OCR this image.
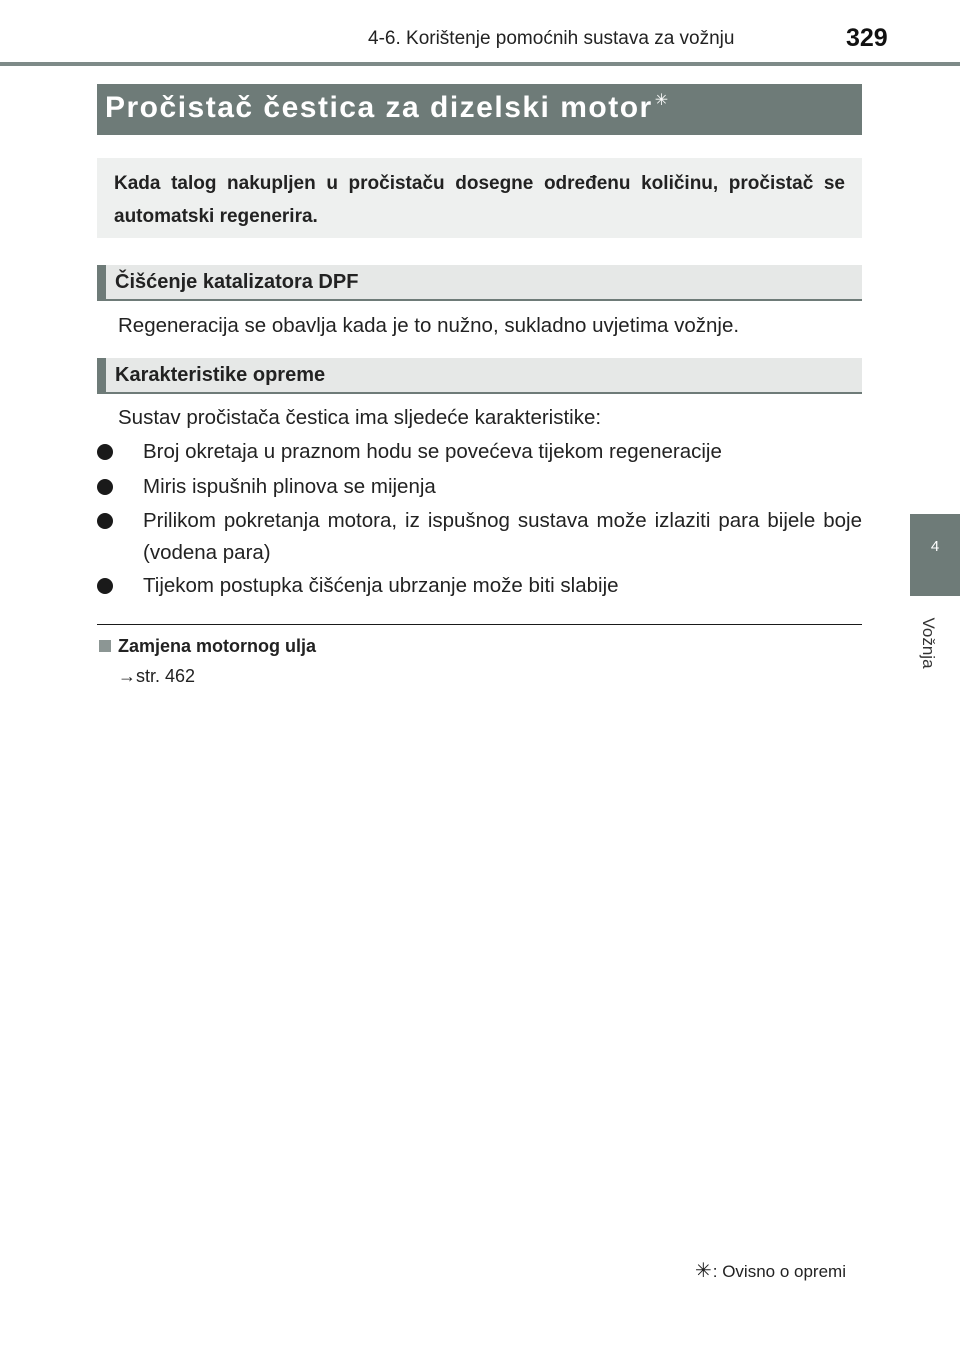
4-6. Korištenje pomoćnih sustava za vožnju	329
4
Vožnja
Pročistač čestica za dizelski motor ✳
Kada talog nakupljen u pročistaču dosegne određenu količinu, pročistač se automatski regenerira.
Čišćenje katalizatora DPF
Regeneracija se obavlja kada je to nužno, sukladno uvjetima vožnje.
Karakteristike opreme
Sustav pročistača čestica ima sljedeće karakteristike:
Broj okretaja u praznom hodu se povećeva tijekom regeneracije
Miris ispušnih plinova se mijenja
Prilikom pokretanja motora, iz ispušnog sustava može izlaziti para bijele boje (vodena para)
Tijekom postupka čišćenja ubrzanje može biti slabije
Zamjena motornog ulja
→str. 462
✳: Ovisno o opremi
